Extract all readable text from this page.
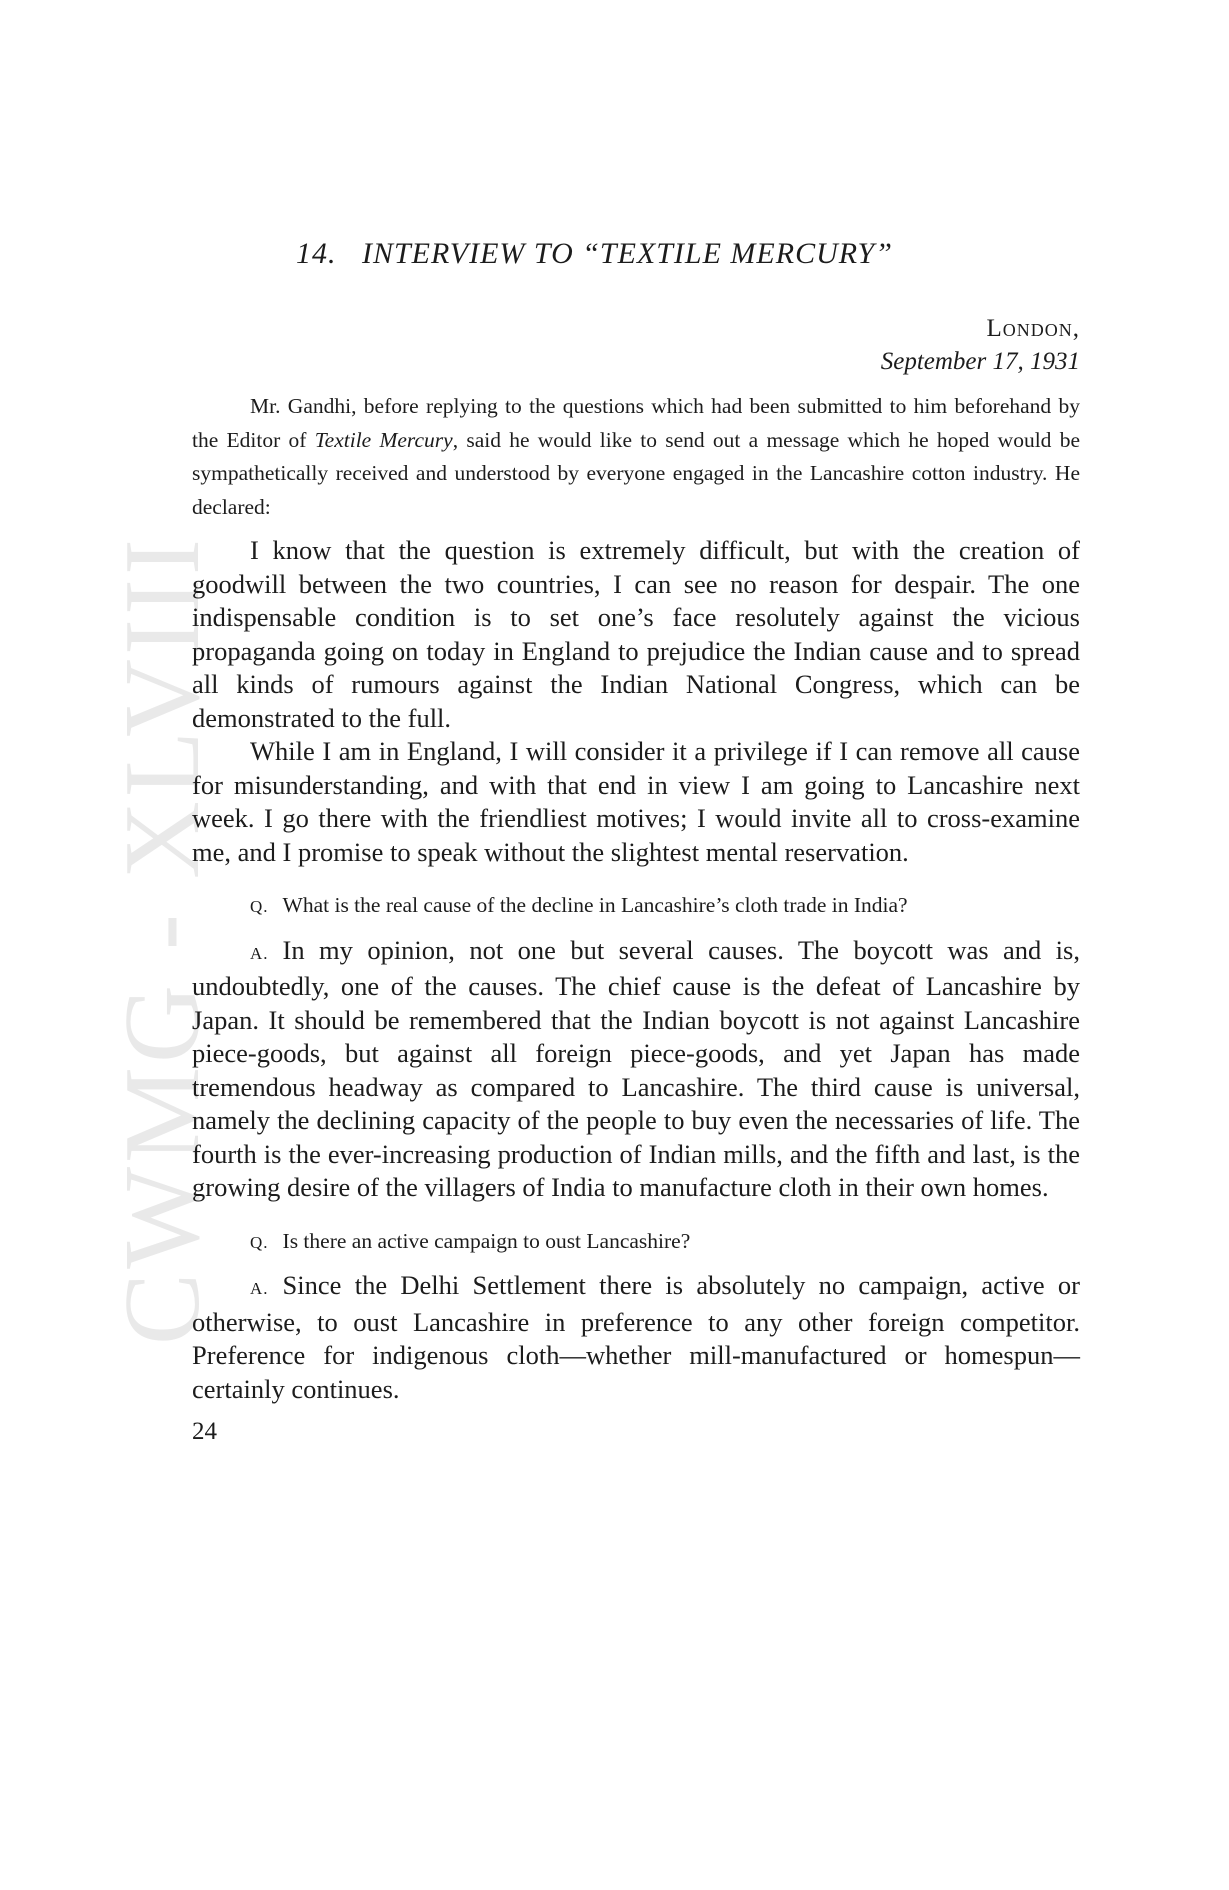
CWMG - XLVIII
14. INTERVIEW TO “TEXTILE MERCURY”
London,
September 17, 1931

Mr. Gandhi, before replying to the questions which had been submitted to him beforehand by the Editor of Textile Mercury, said he would like to send out a message which he hoped would be sympathetically received and understood by everyone engaged in the Lancashire cotton industry. He declared:

I know that the question is extremely difficult, but with the creation of goodwill between the two countries, I can see no reason for despair. The one indispensable condition is to set one’s face resolutely against the vicious propaganda going on today in England to prejudice the Indian cause and to spread all kinds of rumours against the Indian National Congress, which can be demonstrated to the full.

While I am in England, I will consider it a privilege if I can remove all cause for misunderstanding, and with that end in view I am going to Lancashire next week. I go there with the friendliest motives; I would invite all to cross-examine me, and I promise to speak without the slightest mental reservation.

Q. What is the real cause of the decline in Lancashire’s cloth trade in India?

A. In my opinion, not one but several causes. The boycott was and is, undoubtedly, one of the causes. The chief cause is the defeat of Lancashire by Japan. It should be remembered that the Indian boycott is not against Lancashire piece-goods, but against all foreign piece-goods, and yet Japan has made tremendous headway as compared to Lancashire. The third cause is universal, namely the declining capacity of the people to buy even the necessaries of life. The fourth is the ever-increasing production of Indian mills, and the fifth and last, is the growing desire of the villagers of India to manufacture cloth in their own homes.

Q. Is there an active campaign to oust Lancashire?

A. Since the Delhi Settlement there is absolutely no campaign, active or otherwise, to oust Lancashire in preference to any other foreign competitor. Preference for indigenous cloth—whether mill-manufactured or homespun—certainly continues.

24
